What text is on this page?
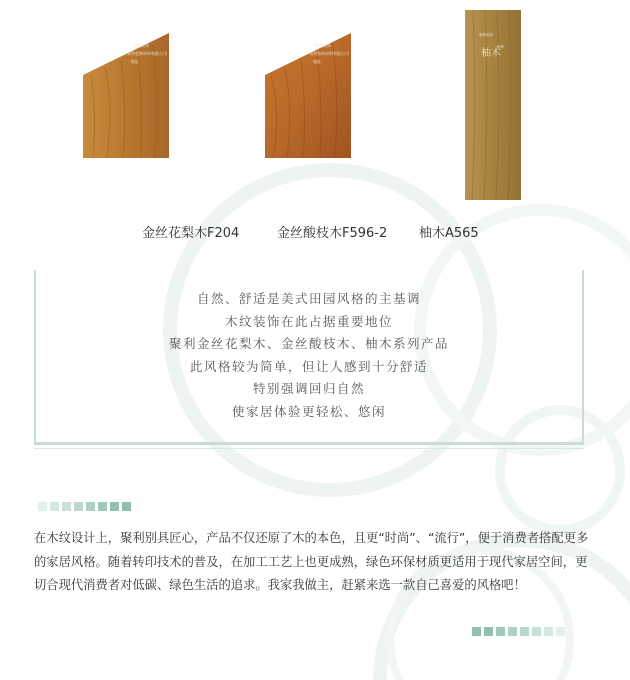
聚利装饰
聚利装饰材料有限公司
地址
聚利装饰
聚利装饰材料有限公司
地址
柚木
聚利装饰
聚利
金丝花梨木F204	金丝酸枝木F596-2 柚木A565
自然、舒适是美式田园风格的主基调
木纹装饰在此占据重要地位
聚利金丝花梨木、金丝酸枝木、柚木系列产品
此风格较为简单，但让人感到十分舒适
特别强调回归自然
使家居体验更轻松、悠闲
在木纹设计上，聚利别具匠心，产品不仅还原了木的本色，且更“时尚”、“流行”，便于消费者搭配更多的家居风格。随着转印技术的普及，在加工工艺上也更成熟，绿色环保材质更适用于现代家居空间，更切合现代消费者对低碳、绿色生活的追求。我家我做主，赶紧来选一款自己喜爱的风格吧！
